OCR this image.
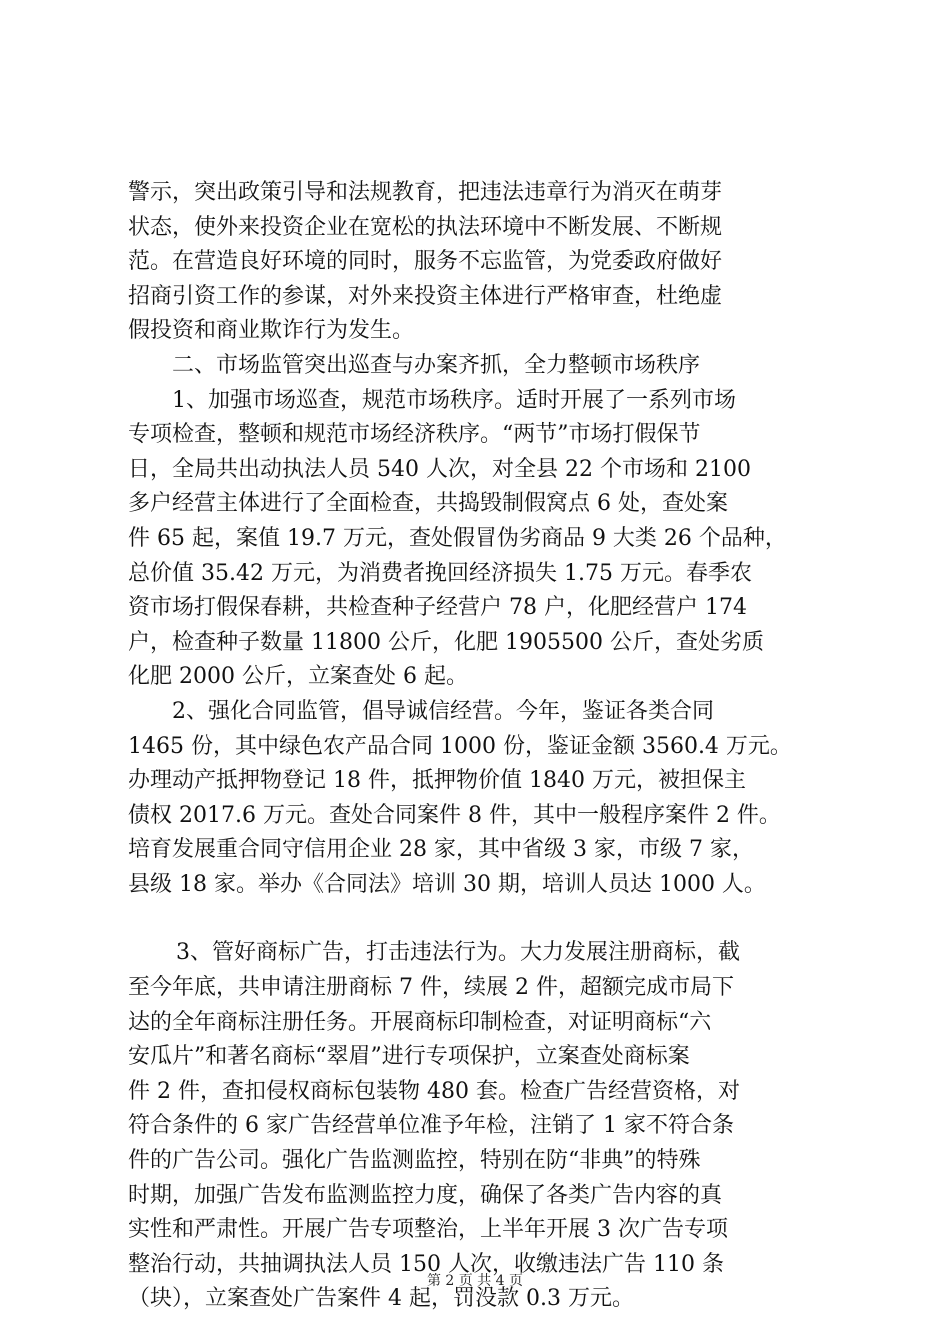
警示，突出政策引导和法规教育，把违法违章行为消灭在萌芽

状态，使外来投资企业在宽松的执法环境中不断发展、不断规

范。在营造良好环境的同时，服务不忘监管，为党委政府做好

招商引资工作的参谋，对外来投资主体进行严格审查，杜绝虚

假投资和商业欺诈行为发生。

二、市场监管突出巡查与办案齐抓，全力整顿市场秩序

1、加强市场巡查，规范市场秩序。适时开展了一系列市场

专项检查，整顿和规范市场经济秩序。“两节”市场打假保节

日，全局共出动执法人员 540 人次，对全县 22 个市场和 2100

多户经营主体进行了全面检查，共捣毁制假窝点 6 处，查处案

件 65 起，案值 19.7 万元，查处假冒伪劣商品 9 大类 26 个品种，

总价值 35.42 万元，为消费者挽回经济损失 1.75 万元。春季农

资市场打假保春耕，共检查种子经营户 78 户，化肥经营户 174

户，检查种子数量 11800 公斤，化肥 1905500 公斤，查处劣质

化肥 2000 公斤，立案查处 6 起。

2、强化合同监管，倡导诚信经营。今年，鉴证各类合同

1465 份，其中绿色农产品合同 1000 份，鉴证金额 3560.4 万元。

办理动产抵押物登记 18 件，抵押物价值 1840 万元，被担保主

债权 2017.6 万元。查处合同案件 8 件，其中一般程序案件 2 件。

培育发展重合同守信用企业 28 家，其中省级 3 家，市级 7 家，

县级 18 家。举办《合同法》培训 30 期，培训人员达 1000 人。

3、管好商标广告，打击违法行为。大力发展注册商标，截

至今年底，共申请注册商标 7 件，续展 2 件，超额完成市局下

达的全年商标注册任务。开展商标印制检查，对证明商标“六

安瓜片”和著名商标“翠眉”进行专项保护，立案查处商标案

件 2 件，查扣侵权商标包装物 480 套。检查广告经营资格，对

符合条件的 6 家广告经营单位准予年检，注销了 1 家不符合条

件的广告公司。强化广告监测监控，特别在防“非典”的特殊

时期，加强广告发布监测监控力度，确保了各类广告内容的真

实性和严肃性。开展广告专项整治，上半年开展 3 次广告专项

整治行动，共抽调执法人员 150 人次，收缴违法广告 110 条

（块），立案查处广告案件 4 起，罚没款 0.3 万元。

第 2 页 共 4 页
